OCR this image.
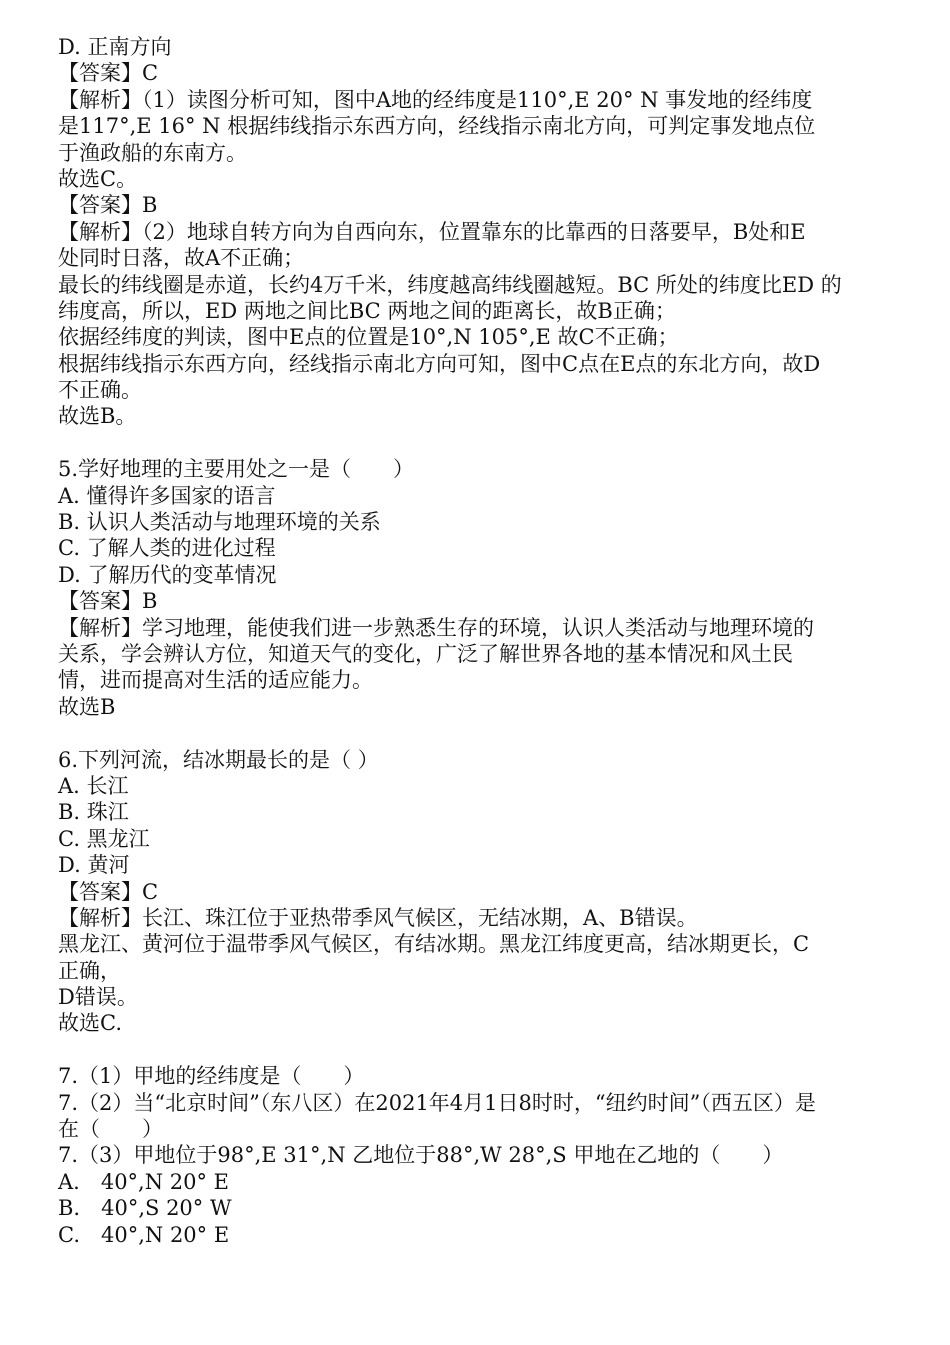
D. 正南方向
【答案】C
【解析】（1）读图分析可知，图中A地的经纬度是110°,E 20° N 事发地的经纬度
是117°,E 16° N 根据纬线指示东西方向，经线指示南北方向，可判定事发地点位
于渔政船的东南方。
故选C。
【答案】B
【解析】（2）地球自转方向为自西向东，位置靠东的比靠西的日落要早，B处和E
处同时日落，故A不正确；
最长的纬线圈是赤道，长约4万千米，纬度越高纬线圈越短。BC 所处的纬度比ED 的
纬度高，所以，ED 两地之间比BC 两地之间的距离长，故B正确；
依据经纬度的判读，图中E点的位置是10°,N 105°,E 故C不正确；
根据纬线指示东西方向，经线指示南北方向可知，图中C点在E点的东北方向，故D
不正确。
故选B。
5.学好地理的主要用处之一是（　　）
A. 懂得许多国家的语言
B. 认识人类活动与地理环境的关系
C. 了解人类的进化过程
D. 了解历代的变革情况
【答案】B
【解析】学习地理，能使我们进一步熟悉生存的环境，认识人类活动与地理环境的
关系，学会辨认方位，知道天气的变化，广泛了解世界各地的基本情况和风土民
情，进而提高对生活的适应能力。
故选B
6.下列河流，结冰期最长的是（ ）
A. 长江
B. 珠江
C. 黑龙江
D. 黄河
【答案】C
【解析】长江、珠江位于亚热带季风气候区，无结冰期，A、B错误。
黑龙江、黄河位于温带季风气候区，有结冰期。黑龙江纬度更高，结冰期更长，C
正确，
D错误。
故选C.
7.（1）甲地的经纬度是（　　）
7.（2）当“北京时间”（东八区）在2021年4月1日8时时，“纽约时间”（西五区）是
在（　　）
7.（3）甲地位于98°,E 31°,N 乙地位于88°,W 28°,S 甲地在乙地的（　　）
A.　40°,N 20° E
B.　40°,S 20° W
C.　40°,N 20° E
